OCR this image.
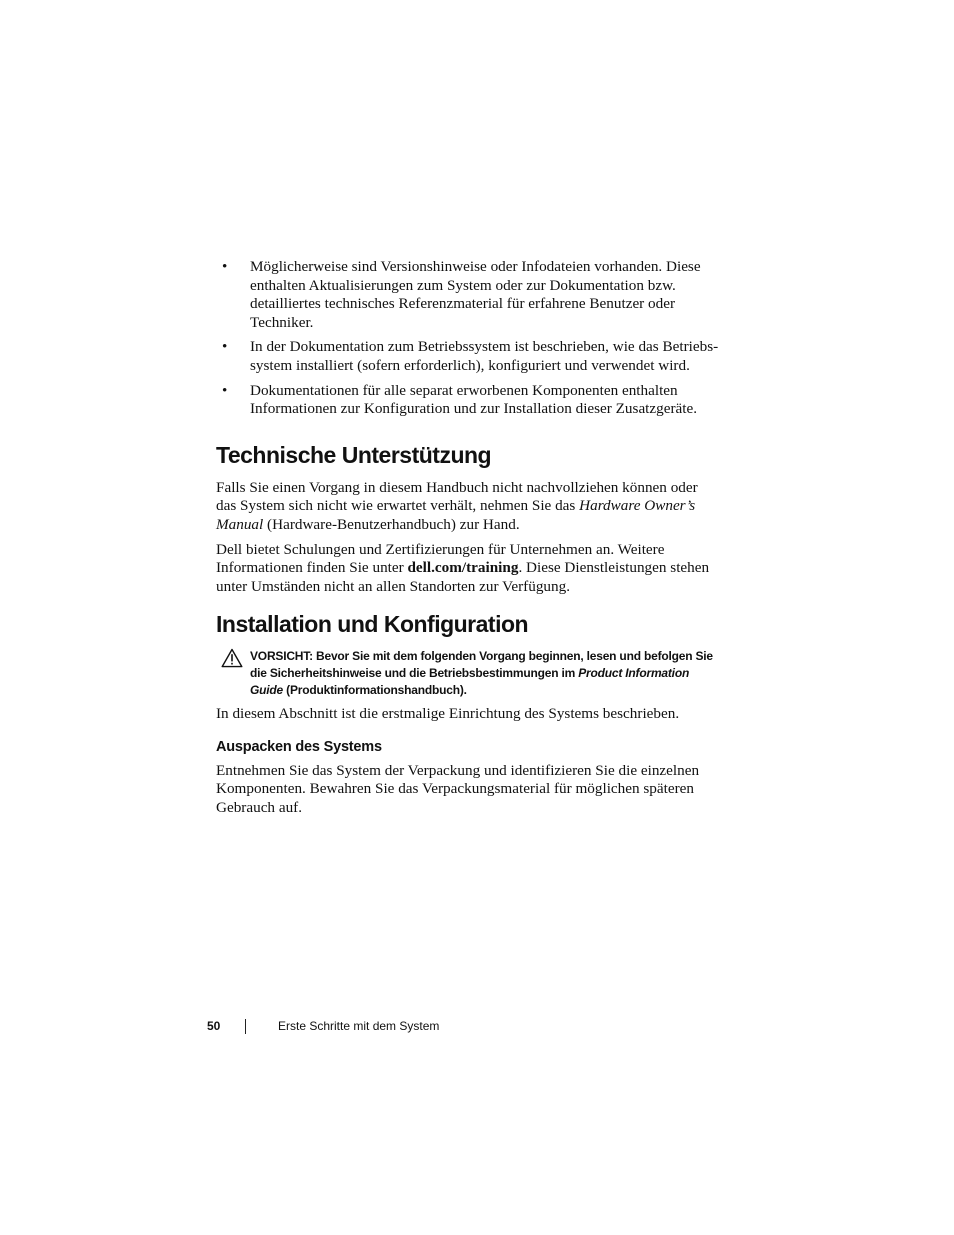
• Möglicherweise sind Versionshinweise oder Infodateien vorhanden. Diese enthalten Aktualisierungen zum System oder zur Dokumentation bzw. detailliertes technisches Referenzmaterial für erfahrene Benutzer oder Techniker.
• In der Dokumentation zum Betriebssystem ist beschrieben, wie das Betriebs-system installiert (sofern erforderlich), konfiguriert und verwendet wird.
• Dokumentationen für alle separat erworbenen Komponenten enthalten Informationen zur Konfiguration und zur Installation dieser Zusatzgeräte.
Technische Unterstützung

Falls Sie einen Vorgang in diesem Handbuch nicht nachvollziehen können oder das System sich nicht wie erwartet verhält, nehmen Sie das Hardware Owner’s Manual (Hardware-Benutzerhandbuch) zur Hand.

Dell bietet Schulungen und Zertifizierungen für Unternehmen an. Weitere Informationen finden Sie unter dell.com/training. Diese Dienstleistungen stehen unter Umständen nicht an allen Standorten zur Verfügung.

Installation und Konfiguration

VORSICHT: Bevor Sie mit dem folgenden Vorgang beginnen, lesen und befolgen Sie die Sicherheitshinweise und die Betriebsbestimmungen im Product Information Guide (Produktinformationshandbuch).

In diesem Abschnitt ist die erstmalige Einrichtung des Systems beschrieben.

Auspacken des Systems

Entnehmen Sie das System der Verpackung und identifizieren Sie die einzelnen Komponenten. Bewahren Sie das Verpackungsmaterial für möglichen späteren Gebrauch auf.

50	Erste Schritte mit dem System
